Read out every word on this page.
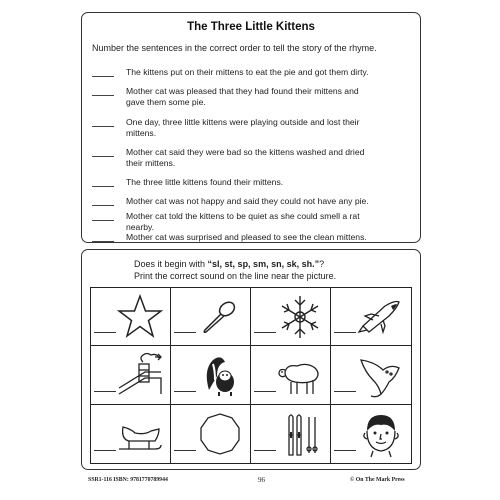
The Three Little Kittens
Number the sentences in the correct order to tell the story of the rhyme.
The kittens put on their mittens to eat the pie and got them dirty.
Mother cat was pleased that they had found their mittens and
gave them some pie.
One day, three little kittens were playing outside and lost their
mittens.
Mother cat said they were bad so the kittens washed and dried
their mittens.
The three little kittens found their mittens.
Mother cat was not happy and said they could not have any pie.
Mother cat told the kittens to be quiet as she could smell a rat
nearby.
Mother cat was surprised and pleased to see the clean mittens.
Does it begin with “sl, st, sp, sm, sn, sk, sh.”?
Print the correct sound on the line near the picture.
SSR1-116 ISBN: 9781770789944	96	© On The Mark Press
